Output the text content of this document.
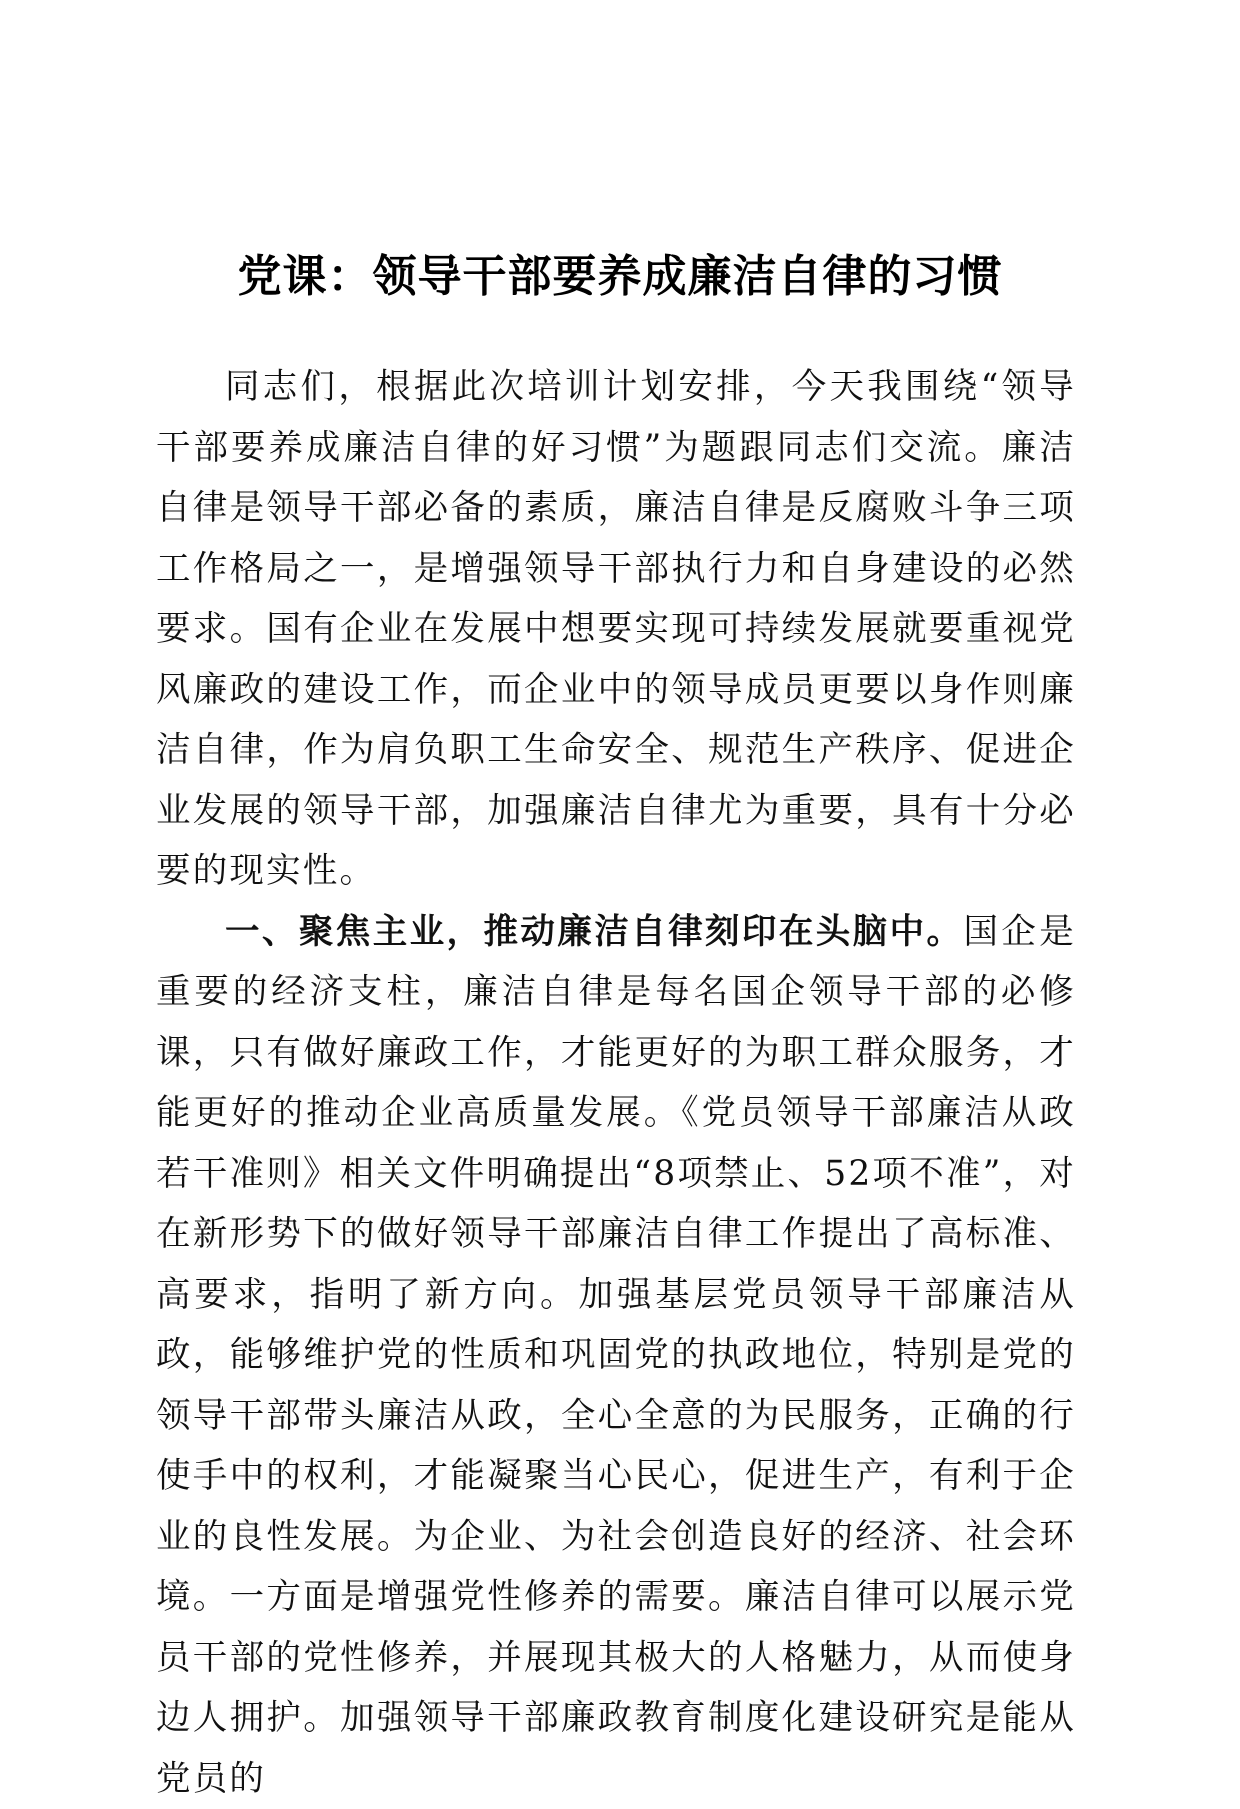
党课：领导干部要养成廉洁自律的习惯

同志们，根据此次培训计划安排，今天我围绕“领导干部要养成廉洁自律的好习惯”为题跟同志们交流。廉洁自律是领导干部必备的素质，廉洁自律是反腐败斗争三项工作格局之一，是增强领导干部执行力和自身建设的必然要求。国有企业在发展中想要实现可持续发展就要重视党风廉政的建设工作，而企业中的领导成员更要以身作则廉洁自律，作为肩负职工生命安全、规范生产秩序、促进企业发展的领导干部，加强廉洁自律尤为重要，具有十分必要的现实性。

一、聚焦主业，推动廉洁自律刻印在头脑中。国企是重要的经济支柱，廉洁自律是每名国企领导干部的必修课，只有做好廉政工作，才能更好的为职工群众服务，才能更好的推动企业高质量发展。《党员领导干部廉洁从政若干准则》相关文件明确提出“8项禁止、52项不准”，对在新形势下的做好领导干部廉洁自律工作提出了高标准、高要求，指明了新方向。加强基层党员领导干部廉洁从政，能够维护党的性质和巩固党的执政地位，特别是党的领导干部带头廉洁从政，全心全意的为民服务，正确的行使手中的权利，才能凝聚当心民心，促进生产，有利于企业的良性发展。为企业、为社会创造良好的经济、社会环境。一方面是增强党性修养的需要。廉洁自律可以展示党员干部的党性修养，并展现其极大的人格魅力，从而使身边人拥护。加强领导干部廉政教育制度化建设研究是能从党员的
